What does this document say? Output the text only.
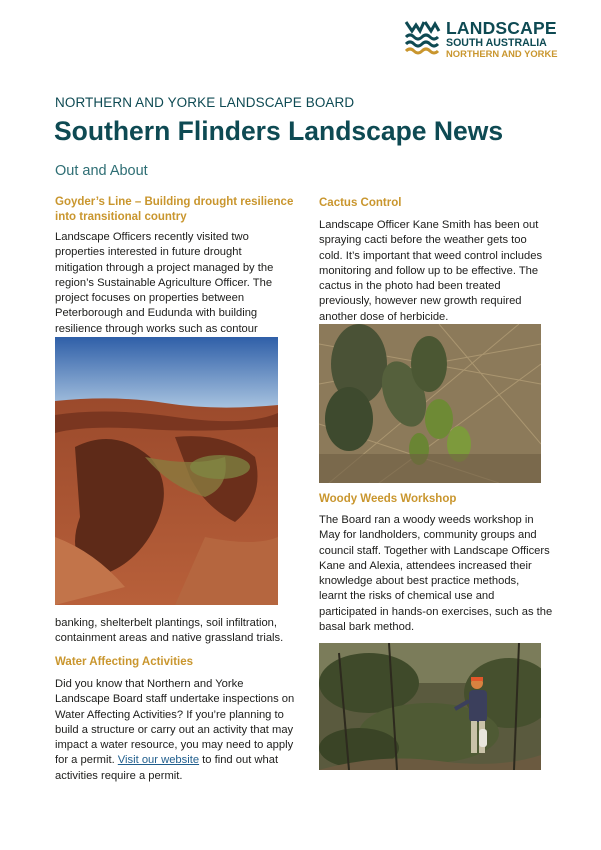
LANDSCAPE
SOUTH AUSTRALIA
NORTHERN AND YORKE
NORTHERN AND YORKE LANDSCAPE BOARD
Southern Flinders Landscape News
Out and About
Goyder’s Line – Building drought resilience
into transitional country
Landscape Officers recently visited two
properties interested in future drought
mitigation through a project managed by the
region’s Sustainable Agriculture Officer. The
project focuses on properties between
Peterborough and Eudunda with building
resilience through works such as contour
banking, shelterbelt plantings, soil infiltration,
containment areas and native grassland trials.
Water Affecting Activities
Did you know that Northern and Yorke
Landscape Board staff undertake inspections on
Water Affecting Activities? If you’re planning to
build a structure or carry out an activity that may
impact a water resource, you may need to apply
for a permit. Visit our website to find out what
activities require a permit.
Cactus Control
Landscape Officer Kane Smith has been out
spraying cacti before the weather gets too
cold. It’s important that weed control includes
monitoring and follow up to be effective. The
cactus in the photo had been treated
previously, however new growth required
another dose of herbicide.
Woody Weeds Workshop
The Board ran a woody weeds workshop in
May for landholders, community groups and
council staff. Together with Landscape Officers
Kane and Alexia, attendees increased their
knowledge about best practice methods,
learnt the risks of chemical use and
participated in hands-on exercises, such as the
basal bark method.
